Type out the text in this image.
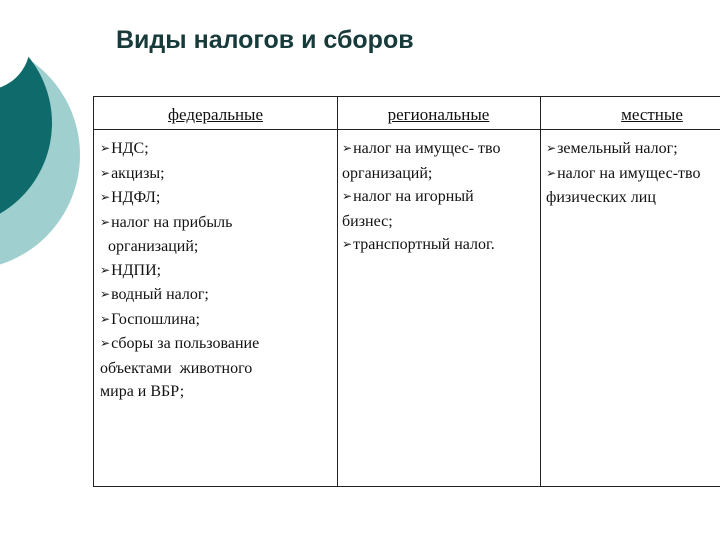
Виды налогов и сборов
федеральные	региональные	местные
➢НДС;
➢акцизы;
➢НДФЛ;
➢налог на прибыль
организаций;
➢НДПИ;
➢водный налог;
➢Госпошлина;
➢сборы за пользование
объектами  животного
мира и ВБР;
➢налог на имущес- тво
организаций;
➢налог на игорный
бизнес;
➢транспортный налог.
➢земельный налог;
➢налог на имущес-тво
физических лиц
